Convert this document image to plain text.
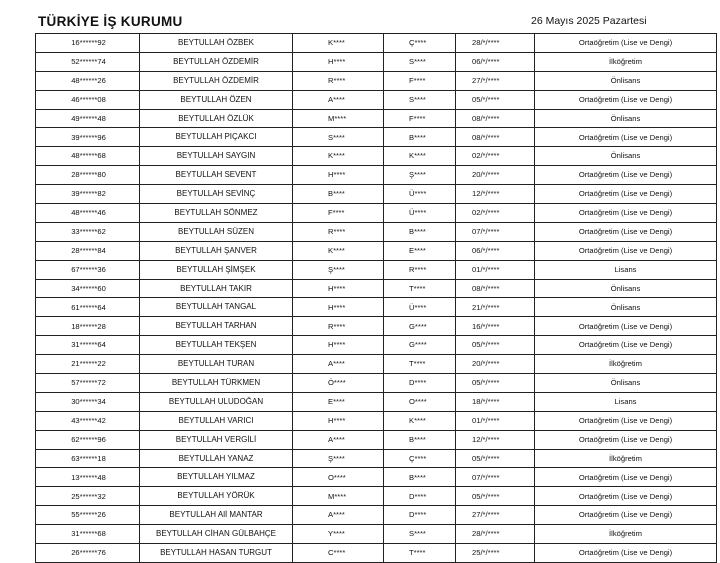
TÜRKİYE İŞ KURUMU	26 Mayıs 2025 Pazartesi
16******92	BEYTULLAH ÖZBEK	K****	Ç****	28/*/****	Ortaöğretim (Lise ve Dengi)
52******74	BEYTULLAH ÖZDEMİR	H****	S****	06/*/****	İlköğretim
48******26	BEYTULLAH ÖZDEMİR	R****	F****	27/*/****	Önlisans
46******08	BEYTULLAH ÖZEN	A****	S****	05/*/****	Ortaöğretim (Lise ve Dengi)
49******48	BEYTULLAH ÖZLÜK	M****	F****	08/*/****	Önlisans
39******96	BEYTULLAH PIÇAKCI	S****	B****	08/*/****	Ortaöğretim (Lise ve Dengi)
48******68	BEYTULLAH SAYGIN	K****	K****	02/*/****	Önlisans
28******80	BEYTULLAH SEVENT	H****	Ş****	20/*/****	Ortaöğretim (Lise ve Dengi)
39******82	BEYTULLAH SEVİNÇ	B****	Ü****	12/*/****	Ortaöğretim (Lise ve Dengi)
48******46	BEYTULLAH SÖNMEZ	F****	Ü****	02/*/****	Ortaöğretim (Lise ve Dengi)
33******62	BEYTULLAH SÜZEN	R****	B****	07/*/****	Ortaöğretim (Lise ve Dengi)
28******84	BEYTULLAH ŞANVER	K****	E****	06/*/****	Ortaöğretim (Lise ve Dengi)
67******36	BEYTULLAH ŞİMŞEK	Ş****	R****	01/*/****	Lisans
34******60	BEYTULLAH TAKIR	H****	T****	08/*/****	Önlisans
61******64	BEYTULLAH TANGAL	H****	Ü****	21/*/****	Önlisans
18******28	BEYTULLAH TARHAN	R****	G****	16/*/****	Ortaöğretim (Lise ve Dengi)
31******64	BEYTULLAH TEKŞEN	H****	G****	05/*/****	Ortaöğretim (Lise ve Dengi)
21******22	BEYTULLAH TURAN	A****	T****	20/*/****	İlköğretim
57******72	BEYTULLAH TÜRKMEN	Ö****	D****	05/*/****	Önlisans
30******34	BEYTULLAH ULUDOĞAN	E****	O****	18/*/****	Lisans
43******42	BEYTULLAH VARICI	H****	K****	01/*/****	Ortaöğretim (Lise ve Dengi)
62******96	BEYTULLAH VERGİLİ	A****	B****	12/*/****	Ortaöğretim (Lise ve Dengi)
63******18	BEYTULLAH YANAZ	Ş****	Ç****	05/*/****	İlköğretim
13******48	BEYTULLAH YILMAZ	O****	B****	07/*/****	Ortaöğretim (Lise ve Dengi)
25******32	BEYTULLAH YÖRÜK	M****	D****	05/*/****	Ortaöğretim (Lise ve Dengi)
55******26	BEYTULLAH Alİ MANTAR	A****	D****	27/*/****	Ortaöğretim (Lise ve Dengi)
31******68	BEYTULLAH CİHAN GÜLBAHÇE	Y****	S****	28/*/****	İlköğretim
26******76	BEYTULLAH HASAN TURGUT	C****	T****	25/*/****	Ortaöğretim (Lise ve Dengi)
